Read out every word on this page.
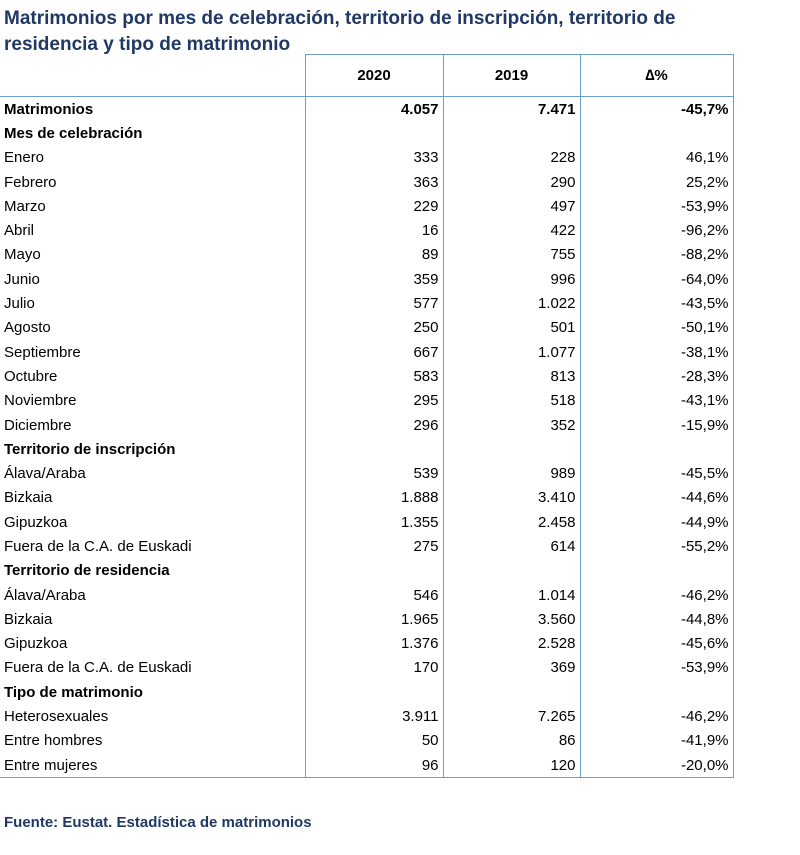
Matrimonios por mes de celebración, territorio de inscripción, territorio de residencia y tipo de matrimonio
	2020	2019	∆%
Matrimonios	4.057	7.471	-45,7%
Mes de celebración			
Enero	333	228	46,1%
Febrero	363	290	25,2%
Marzo	229	497	-53,9%
Abril	16	422	-96,2%
Mayo	89	755	-88,2%
Junio	359	996	-64,0%
Julio	577	1.022	-43,5%
Agosto	250	501	-50,1%
Septiembre	667	1.077	-38,1%
Octubre	583	813	-28,3%
Noviembre	295	518	-43,1%
Diciembre	296	352	-15,9%
Territorio de inscripción			
Álava/Araba	539	989	-45,5%
Bizkaia	1.888	3.410	-44,6%
Gipuzkoa	1.355	2.458	-44,9%
Fuera de la C.A. de Euskadi	275	614	-55,2%
Territorio de residencia			
Álava/Araba	546	1.014	-46,2%
Bizkaia	1.965	3.560	-44,8%
Gipuzkoa	1.376	2.528	-45,6%
Fuera de la C.A. de Euskadi	170	369	-53,9%
Tipo de matrimonio			
Heterosexuales	3.911	7.265	-46,2%
Entre hombres	50	86	-41,9%
Entre mujeres	96	120	-20,0%
Fuente: Eustat. Estadística de matrimonios
